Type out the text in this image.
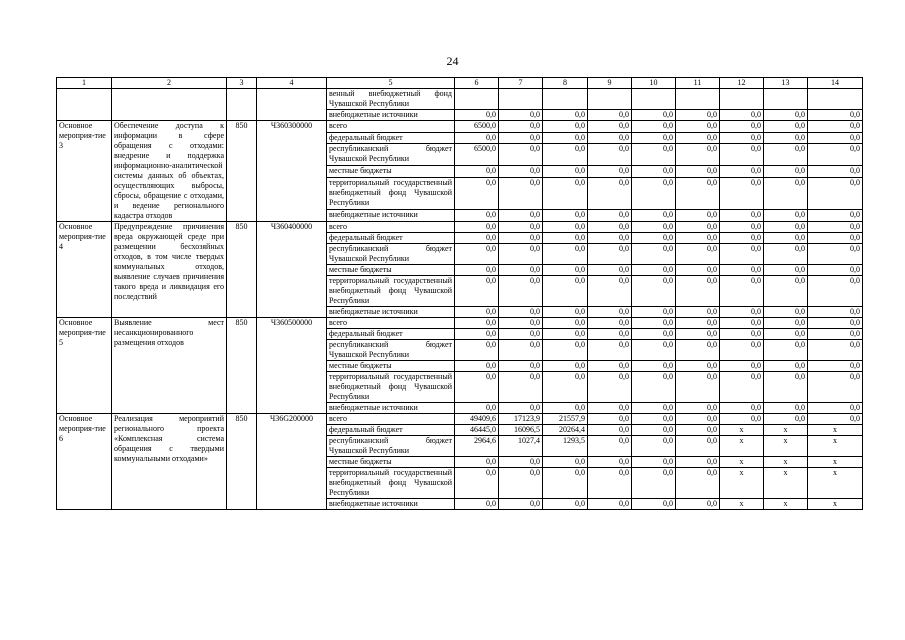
24
1	2	3	4	5	6	7	8	9	10	11	12	13	14
				венный внебюджетный фонд Чувашской Республики									
				внебюджетные источники	0,0	0,0	0,0	0,0	0,0	0,0	0,0	0,0	0,0
Основное мероприя-тие 3	Обеспечение доступа к информации в сфере обращения с отходами: внедрение и поддержка информационно-аналитической системы данных об объектах, осуществляющих выбросы, сбросы, обращение с отходами, и ведение регионального кадастра отходов	850	Ч360300000	всего	6500,0	0,0	0,0	0,0	0,0	0,0	0,0	0,0	0,0
				федеральный бюджет	0,0	0,0	0,0	0,0	0,0	0,0	0,0	0,0	0,0
				республиканский бюджет Чувашской Республики	6500,0	0,0	0,0	0,0	0,0	0,0	0,0	0,0	0,0
				местные бюджеты	0,0	0,0	0,0	0,0	0,0	0,0	0,0	0,0	0,0
				территориальный государственный внебюджетный фонд Чувашской Республики	0,0	0,0	0,0	0,0	0,0	0,0	0,0	0,0	0,0
				внебюджетные источники	0,0	0,0	0,0	0,0	0,0	0,0	0,0	0,0	0,0
Основное мероприя-тие 4	Предупреждение причинения вреда окружающей среде при размещении бесхозяйных отходов, в том числе твердых коммунальных отходов, выявление случаев причинения такого вреда и ликвидация его последствий	850	Ч360400000	всего	0,0	0,0	0,0	0,0	0,0	0,0	0,0	0,0	0,0
				федеральный бюджет	0,0	0,0	0,0	0,0	0,0	0,0	0,0	0,0	0,0
				республиканский бюджет Чувашской Республики	0,0	0,0	0,0	0,0	0,0	0,0	0,0	0,0	0,0
				местные бюджеты	0,0	0,0	0,0	0,0	0,0	0,0	0,0	0,0	0,0
				территориальный государственный внебюджетный фонд Чувашской Республики	0,0	0,0	0,0	0,0	0,0	0,0	0,0	0,0	0,0
				внебюджетные источники	0,0	0,0	0,0	0,0	0,0	0,0	0,0	0,0	0,0
Основное мероприя-тие 5	Выявление мест несанкционированного размещения отходов	850	Ч360500000	всего	0,0	0,0	0,0	0,0	0,0	0,0	0,0	0,0	0,0
				федеральный бюджет	0,0	0,0	0,0	0,0	0,0	0,0	0,0	0,0	0,0
				республиканский бюджет Чувашской Республики	0,0	0,0	0,0	0,0	0,0	0,0	0,0	0,0	0,0
				местные бюджеты	0,0	0,0	0,0	0,0	0,0	0,0	0,0	0,0	0,0
				территориальный государственный внебюджетный фонд Чувашской Республики	0,0	0,0	0,0	0,0	0,0	0,0	0,0	0,0	0,0
				внебюджетные источники	0,0	0,0	0,0	0,0	0,0	0,0	0,0	0,0	0,0
Основное мероприя-тие 6	Реализация мероприятий регионального проекта «Комплексная система обращения с твердыми коммунальными отходами»	850	Ч36G200000	всего	49409,6	17123,9	21557,9	0,0	0,0	0,0	0,0	0,0	0,0
				федеральный бюджет	46445,0	16096,5	20264,4	0,0	0,0	0,0	х	х	х
				республиканский бюджет Чувашской Республики	2964,6	1027,4	1293,5	0,0	0,0	0,0	х	х	х
				местные бюджеты	0,0	0,0	0,0	0,0	0,0	0,0	х	х	х
				территориальный государственный внебюджетный фонд Чувашской Республики	0,0	0,0	0,0	0,0	0,0	0,0	х	х	х
				внебюджетные источники	0,0	0,0	0,0	0,0	0,0	0,0	х	х	х
